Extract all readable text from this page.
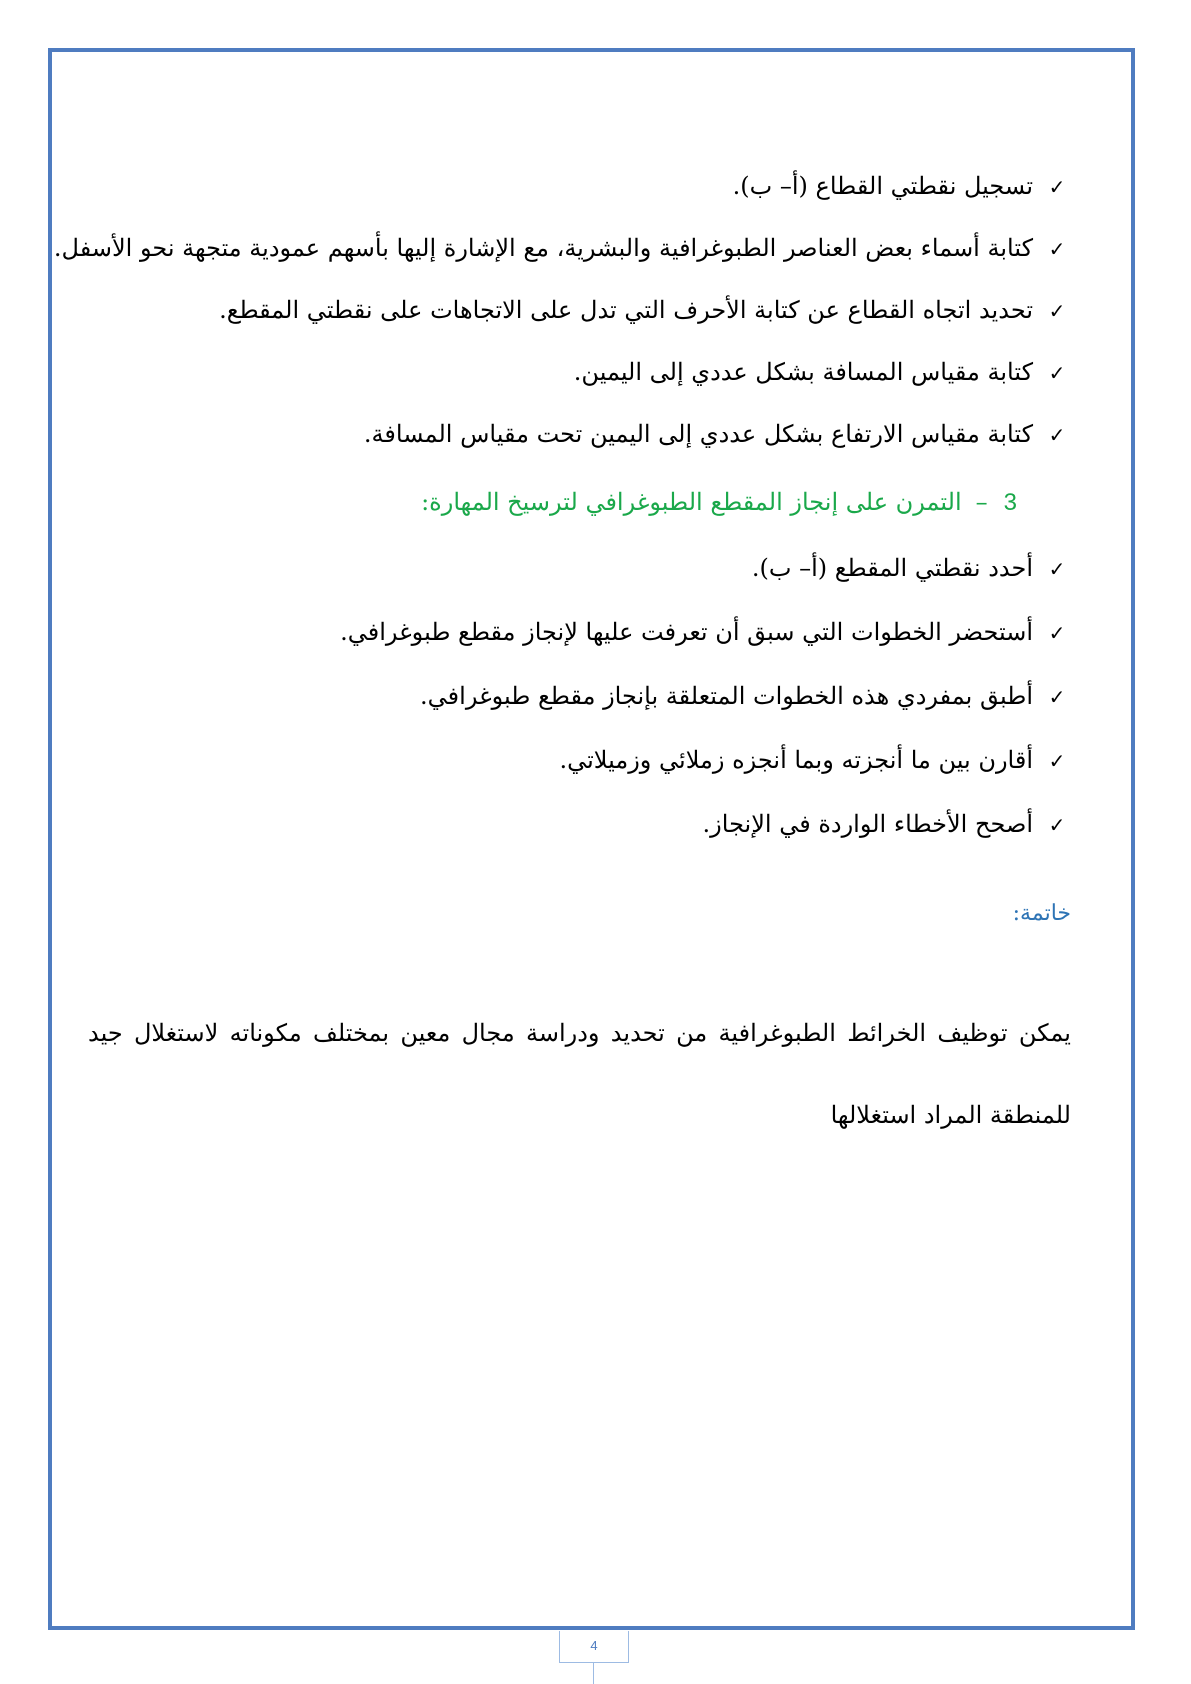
✓تسجيل نقطتي القطاع (أ– ب).
✓كتابة أسماء بعض العناصر الطبوغرافية والبشرية، مع الإشارة إليها بأسهم عمودية متجهة نحو الأسفل.
✓تحديد اتجاه القطاع عن كتابة الأحرف التي تدل على الاتجاهات على نقطتي المقطع.
✓كتابة مقياس المسافة بشكل عددي إلى اليمين.
✓كتابة مقياس الارتفاع بشكل عددي إلى اليمين تحت مقياس المسافة.
3–التمرن على إنجاز المقطع الطبوغرافي لترسيخ المهارة:
✓أحدد نقطتي المقطع (أ– ب).
✓أستحضر الخطوات التي سبق أن تعرفت عليها لإنجاز مقطع طبوغرافي.
✓أطبق بمفردي هذه الخطوات المتعلقة بإنجاز مقطع طبوغرافي.
✓أقارن بين ما أنجزته وبما أنجزه زملائي وزميلاتي.
✓أصحح الأخطاء الواردة في الإنجاز.
خاتمة:

يمكن توظيف الخرائط الطبوغرافية من تحديد ودراسة مجال معين بمختلف مكوناته لاستغلال جيد للمنطقة المراد استغلالها

4
